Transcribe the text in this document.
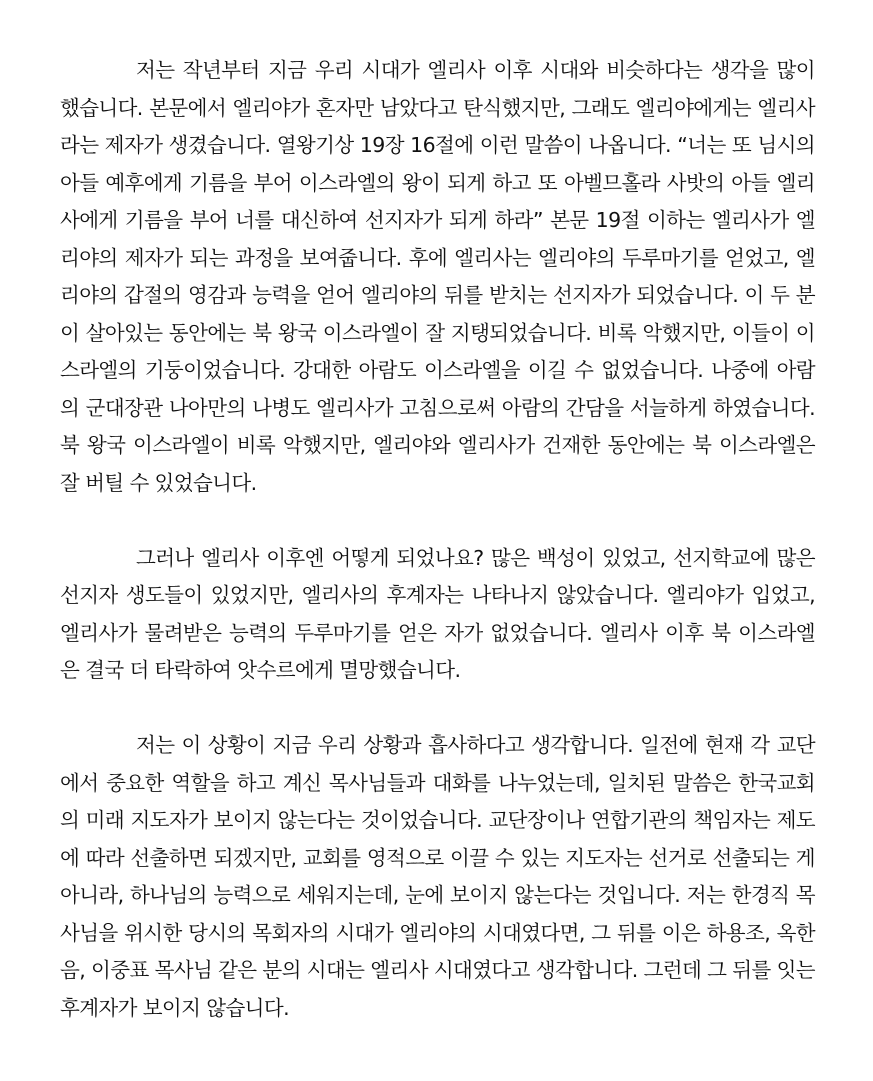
저는 작년부터 지금 우리 시대가 엘리사 이후 시대와 비슷하다는 생각을 많이 했습니다. 본문에서 엘리야가 혼자만 남았다고 탄식했지만, 그래도 엘리야에게는 엘리사라는 제자가 생겼습니다. 열왕기상 19장 16절에 이런 말씀이 나옵니다. “너는 또 님시의 아들 예후에게 기름을 부어 이스라엘의 왕이 되게 하고 또 아벨므홀라 사밧의 아들 엘리사에게 기름을 부어 너를 대신하여 선지자가 되게 하라” 본문 19절 이하는 엘리사가 엘리야의 제자가 되는 과정을 보여줍니다. 후에 엘리사는 엘리야의 두루마기를 얻었고, 엘리야의 갑절의 영감과 능력을 얻어 엘리야의 뒤를 받치는 선지자가 되었습니다. 이 두 분이 살아있는 동안에는 북 왕국 이스라엘이 잘 지탱되었습니다. 비록 악했지만, 이들이 이스라엘의 기둥이었습니다. 강대한 아람도 이스라엘을 이길 수 없었습니다. 나중에 아람의 군대장관 나아만의 나병도 엘리사가 고침으로써 아람의 간담을 서늘하게 하였습니다. 북 왕국 이스라엘이 비록 악했지만, 엘리야와 엘리사가 건재한 동안에는 북 이스라엘은 잘 버틸 수 있었습니다.

그러나 엘리사 이후엔 어떻게 되었나요? 많은 백성이 있었고, 선지학교에 많은 선지자 생도들이 있었지만, 엘리사의 후계자는 나타나지 않았습니다. 엘리야가 입었고, 엘리사가 물려받은 능력의 두루마기를 얻은 자가 없었습니다. 엘리사 이후 북 이스라엘은 결국 더 타락하여 앗수르에게 멸망했습니다.

저는 이 상황이 지금 우리 상황과 흡사하다고 생각합니다. 일전에 현재 각 교단에서 중요한 역할을 하고 계신 목사님들과 대화를 나누었는데, 일치된 말씀은 한국교회의 미래 지도자가 보이지 않는다는 것이었습니다. 교단장이나 연합기관의 책임자는 제도에 따라 선출하면 되겠지만, 교회를 영적으로 이끌 수 있는 지도자는 선거로 선출되는 게 아니라, 하나님의 능력으로 세워지는데, 눈에 보이지 않는다는 것입니다. 저는 한경직 목사님을 위시한 당시의 목회자의 시대가 엘리야의 시대였다면, 그 뒤를 이은 하용조, 옥한음, 이중표 목사님 같은 분의 시대는 엘리사 시대였다고 생각합니다. 그런데 그 뒤를 잇는 후계자가 보이지 않습니다.
